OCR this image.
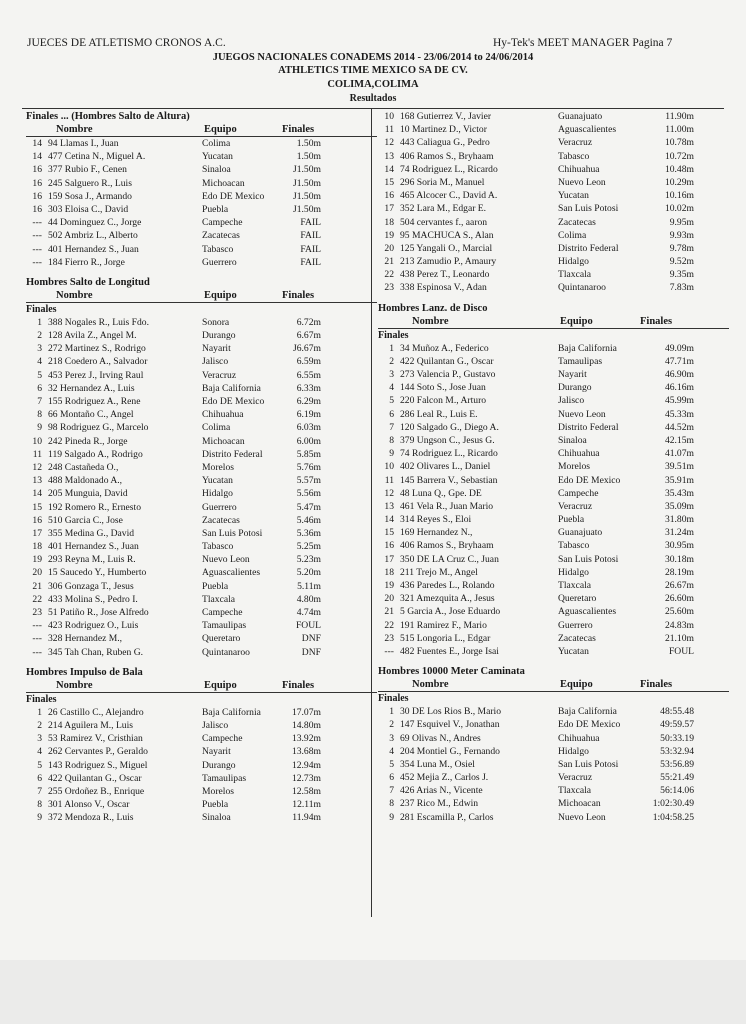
JUECES DE ATLETISMO CRONOS A.C.	Hy-Tek's MEET MANAGER Pagina 7
JUEGOS NACIONALES CONADEMS 2014 - 23/06/2014 to 24/06/2014
ATHLETICS TIME MEXICO SA DE CV.
COLIMA,COLIMA
Resultados
Finales ... (Hombres Salto de Altura)
Nombre	Equipo	Finales
14 94 Llamas I., Juan	Colima	1.50m
14 477 Cetina N., Miguel A.	Yucatan	1.50m
16 377 Rubio F., Cenen	Sinaloa	J1.50m
16 245 Salguero R., Luis	Michoacan	J1.50m
16 159 Sosa J., Armando	Edo DE Mexico	J1.50m
16 303 Eloisa C., David	Puebla	J1.50m
--- 44 Dominguez C., Jorge	Campeche	FAIL
--- 502 Ambriz L., Alberto	Zacatecas	FAIL
--- 401 Hernandez S., Juan	Tabasco	FAIL
--- 184 Fierro R., Jorge	Guerrero	FAIL
Hombres Salto de Longitud
Nombre	Equipo	Finales
Finales
1 388 Nogales R., Luis Fdo.	Sonora	6.72m
2 128 Avila Z., Angel M.	Durango	6.67m
3 272 Martinez S., Rodrigo	Nayarit	J6.67m
4 218 Coedero A., Salvador	Jalisco	6.59m
5 453 Perez J., Irving Raul	Veracruz	6.55m
6 32 Hernandez A., Luis	Baja California	6.33m
7 155 Rodriguez A., Rene	Edo DE Mexico	6.29m
8 66 Montaño C., Angel	Chihuahua	6.19m
9 98 Rodriguez G., Marcelo	Colima	6.03m
10 242 Pineda R., Jorge	Michoacan	6.00m
11 119 Salgado A., Rodrigo	Distrito Federal	5.85m
12 248 Castañeda O.,	Morelos	5.76m
13 488 Maldonado A.,	Yucatan	5.57m
14 205 Munguia, David	Hidalgo	5.56m
15 192 Romero R., Ernesto	Guerrero	5.47m
16 510 Garcia C., Jose	Zacatecas	5.46m
17 355 Medina G., David	San Luis Potosi	5.36m
18 401 Hernandez S., Juan	Tabasco	5.25m
19 293 Reyna M., Luis R.	Nuevo Leon	5.23m
20 15 Saucedo Y., Humberto	Aguascalientes	5.20m
21 306 Gonzaga T., Jesus	Puebla	5.11m
22 433 Molina S., Pedro I.	Tlaxcala	4.80m
23 51 Patiño R., Jose Alfredo	Campeche	4.74m
--- 423 Rodriguez O., Luis	Tamaulipas	FOUL
--- 328 Hernandez M.,	Queretaro	DNF
--- 345 Tah Chan, Ruben G.	Quintanaroo	DNF
Hombres Impulso de Bala
Nombre	Equipo	Finales
Finales
1 26 Castillo C., Alejandro	Baja California	17.07m
2 214 Aguilera M., Luis	Jalisco	14.80m
3 53 Ramirez V., Cristhian	Campeche	13.92m
4 262 Cervantes P., Geraldo	Nayarit	13.68m
5 143 Rodriguez S., Miguel	Durango	12.94m
6 422 Quilantan G., Oscar	Tamaulipas	12.73m
7 255 Ordoñez B., Enrique	Morelos	12.58m
8 301 Alonso V., Oscar	Puebla	12.11m
9 372 Mendoza R., Luis	Sinaloa	11.94m
10 168 Gutierrez V., Javier	Guanajuato	11.90m
11 10 Martinez D., Victor	Aguascalientes	11.00m
12 443 Caliagua G., Pedro	Veracruz	10.78m
13 406 Ramos S., Bryhaam	Tabasco	10.72m
14 74 Rodriguez L., Ricardo	Chihuahua	10.48m
15 296 Soria M., Manuel	Nuevo Leon	10.29m
16 465 Alcocer C., David A.	Yucatan	10.16m
17 352 Lara M., Edgar E.	San Luis Potosi	10.02m
18 504 cervantes f., aaron	Zacatecas	9.95m
19 95 MACHUCA S., Alan	Colima	9.93m
20 125 Yangali O., Marcial	Distrito Federal	9.78m
21 213 Zamudio P., Amaury	Hidalgo	9.52m
22 438 Perez T., Leonardo	Tlaxcala	9.35m
23 338 Espinosa V., Adan	Quintanaroo	7.83m
Hombres Lanz. de Disco
Nombre	Equipo	Finales
Finales
1 34 Muñoz A., Federico	Baja California	49.09m
2 422 Quilantan G., Oscar	Tamaulipas	47.71m
3 273 Valencia P., Gustavo	Nayarit	46.90m
4 144 Soto S., Jose Juan	Durango	46.16m
5 220 Falcon M., Arturo	Jalisco	45.99m
6 286 Leal R., Luis E.	Nuevo Leon	45.33m
7 120 Salgado G., Diego A.	Distrito Federal	44.52m
8 379 Ungson C., Jesus G.	Sinaloa	42.15m
9 74 Rodriguez L., Ricardo	Chihuahua	41.07m
10 402 Olivares L., Daniel	Morelos	39.51m
11 145 Barrera V., Sebastian	Edo DE Mexico	35.91m
12 48 Luna Q., Gpe. DE	Campeche	35.43m
13 461 Vela R., Juan Mario	Veracruz	35.09m
14 314 Reyes S., Eloi	Puebla	31.80m
15 169 Hernandez N.,	Guanajuato	31.24m
16 406 Ramos S., Bryhaam	Tabasco	30.95m
17 350 DE LA Cruz C., Juan	San Luis Potosi	30.18m
18 211 Trejo M., Angel	Hidalgo	28.19m
19 436 Paredes L., Rolando	Tlaxcala	26.67m
20 321 Amezquita A., Jesus	Queretaro	26.60m
21 5 Garcia A., Jose Eduardo	Aguascalientes	25.60m
22 191 Ramirez F., Mario	Guerrero	24.83m
23 515 Longoria L., Edgar	Zacatecas	21.10m
--- 482 Fuentes E., Jorge Isai	Yucatan	FOUL
Hombres 10000 Meter Caminata
Nombre	Equipo	Finales
Finales
1 30 DE Los Rios B., Mario	Baja California	48:55.48
2 147 Esquivel V., Jonathan	Edo DE Mexico	49:59.57
3 69 Olivas N., Andres	Chihuahua	50:33.19
4 204 Montiel G., Fernando	Hidalgo	53:32.94
5 354 Luna M., Osiel	San Luis Potosi	53:56.89
6 452 Mejia Z., Carlos J.	Veracruz	55:21.49
7 426 Arias N., Vicente	Tlaxcala	56:14.06
8 237 Rico M., Edwin	Michoacan	1:02:30.49
9 281 Escamilla P., Carlos	Nuevo Leon	1:04:58.25
